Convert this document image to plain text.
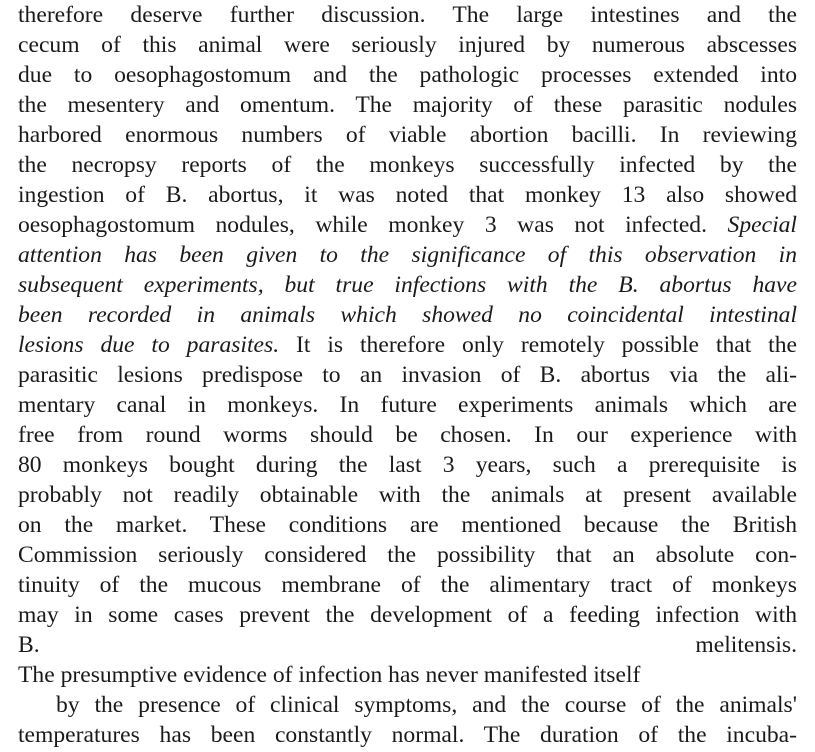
therefore deserve further discussion. The large intestines and the
cecum of this animal were seriously injured by numerous abscesses
due to oesophagostomum and the pathologic processes extended into
the mesentery and omentum. The majority of these parasitic nodules
harbored enormous numbers of viable abortion bacilli. In reviewing
the necropsy reports of the monkeys successfully infected by the
ingestion of B. abortus, it was noted that monkey 13 also showed
oesophagostomum nodules, while monkey 3 was not infected. Special
attention has been given to the significance of this observation in
subsequent experiments, but true infections with the B. abortus have
been recorded in animals which showed no coincidental intestinal
lesions due to parasites. It is therefore only remotely possible that the
parasitic lesions predispose to an invasion of B. abortus via the ali-
mentary canal in monkeys. In future experiments animals which are
free from round worms should be chosen. In our experience with
80 monkeys bought during the last 3 years, such a prerequisite is
probably not readily obtainable with the animals at present available
on the market. These conditions are mentioned because the British
Commission seriously considered the possibility that an absolute con-
tinuity of the mucous membrane of the alimentary tract of monkeys
may in some cases prevent the development of a feeding infection with
B. melitensis.
The presumptive evidence of infection has never manifested itself
by the presence of clinical symptoms, and the course of the animals'
temperatures has been constantly normal. The duration of the incuba-
